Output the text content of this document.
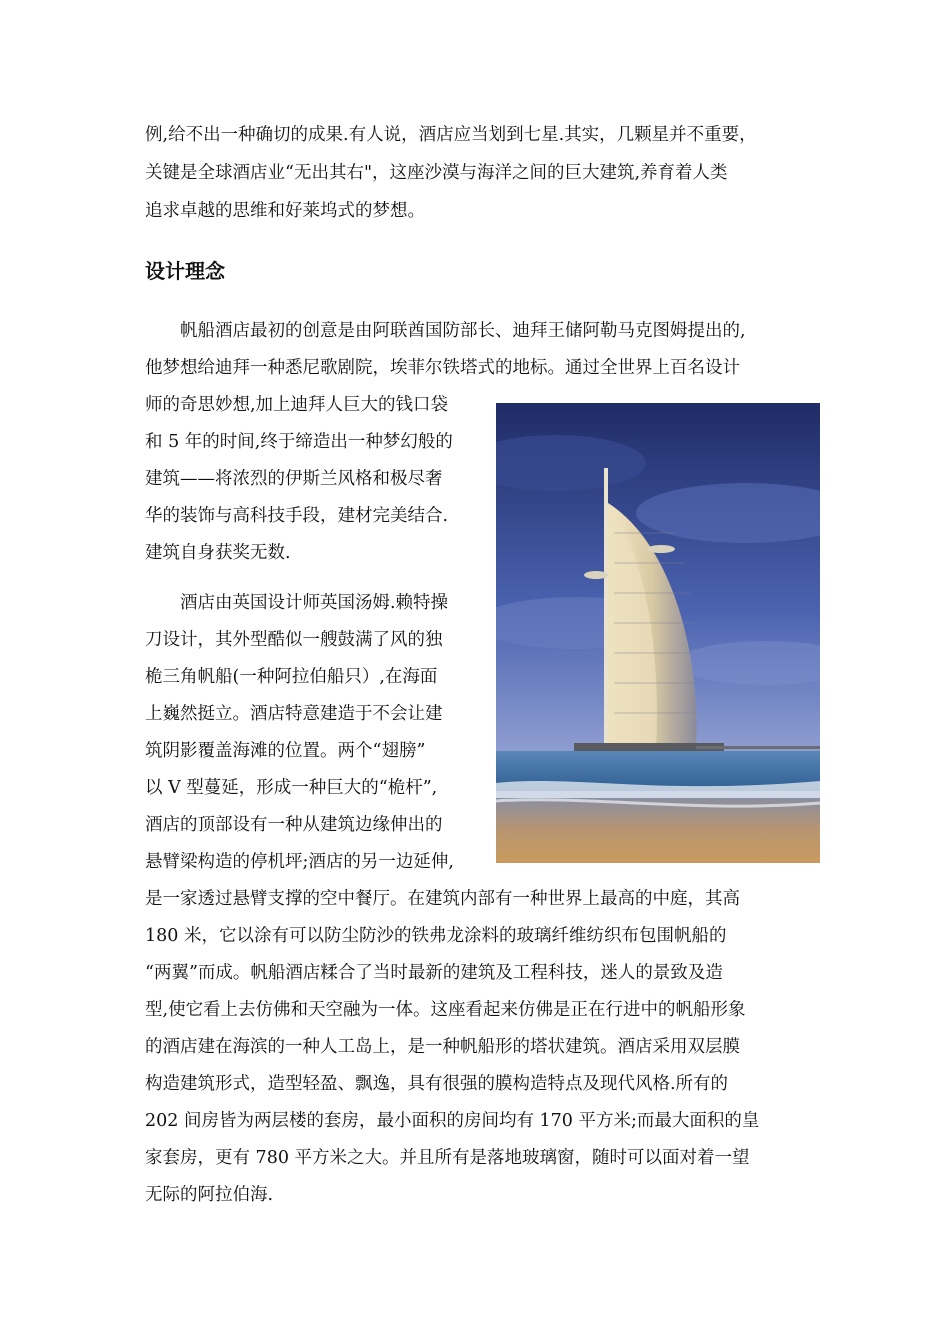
例,给不出一种确切的成果.有人说，酒店应当划到七星.其实，几颗星并不重要，
关键是全球酒店业“无出其右"，这座沙漠与海洋之间的巨大建筑,养育着人类
追求卓越的思维和好莱坞式的梦想。
设计理念
　　帆船酒店最初的创意是由阿联酋国防部长、迪拜王储阿勒马克图姆提出的,
他梦想给迪拜一种悉尼歌剧院，埃菲尔铁塔式的地标。通过全世界上百名设计
师的奇思妙想,加上迪拜人巨大的钱口袋
和 5 年的时间,终于缔造出一种梦幻般的
建筑——将浓烈的伊斯兰风格和极尽奢
华的装饰与高科技手段，建材完美结合.
建筑自身获奖无数.
　　酒店由英国设计师英国汤姆.赖特操
刀设计，其外型酷似一艘鼓满了风的独
桅三角帆船(一种阿拉伯船只）,在海面
上巍然挺立。酒店特意建造于不会让建
筑阴影覆盖海滩的位置。两个“翅膀”
以 V 型蔓延，形成一种巨大的“桅杆”,
酒店的顶部设有一种从建筑边缘伸出的
悬臂梁构造的停机坪;酒店的另一边延伸,
是一家透过悬臂支撑的空中餐厅。在建筑内部有一种世界上最高的中庭，其高
180 米，它以涂有可以防尘防沙的铁弗龙涂料的玻璃纤维纺织布包围帆船的
“两翼”而成。帆船酒店糅合了当时最新的建筑及工程科技，迷人的景致及造
型,使它看上去仿佛和天空融为一体。这座看起来仿佛是正在行进中的帆船形象
的酒店建在海滨的一种人工岛上，是一种帆船形的塔状建筑。酒店采用双层膜
构造建筑形式，造型轻盈、飘逸，具有很强的膜构造特点及现代风格.所有的
202 间房皆为两层楼的套房，最小面积的房间均有 170 平方米;而最大面积的皇
家套房，更有 780 平方米之大。并且所有是落地玻璃窗，随时可以面对着一望
无际的阿拉伯海.
